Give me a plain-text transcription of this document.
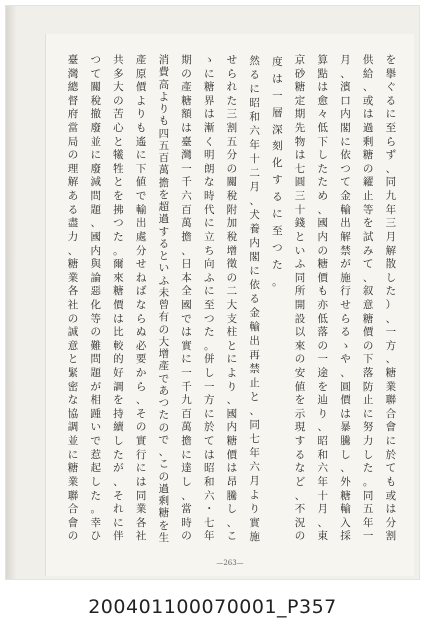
を
擧
ぐ
る
に
至
ら
ず
、
同
九
年
三
月
解
散
し
た
）
、
一
方
、
糖
業
聯
合
會
に
於
て
も
或
は
分
割
供
給
、
或
は
過
剩
糖
の
糴
止
等
を
試
み
て
、
叙
意
糖
價
の
下
落
防
止
に
努
力
し
た
。
同
五
年
一
月
、
濱
口
内
閣
に
依
つ
て
金
輸
出
解
禁
が
施
行
せ
ら
る
ゝ
や
、
圓
價
は
暴
騰
し
、
外
糖
輸
入
採
算
點
は
愈
々
低
下
し
た
た
め
、
國
内
の
糖
價
も
亦
低
落
の
一
途
を
辿
り
、
昭
和
六
年
十
月
、
東
京
砂
糖
定
期
先
物
は
七
圓
三
十
錢
と
い
ふ
同
所
開
設
以
來
の
安
値
を
示
現
す
る
な
ど
、
不
況
の
度
は
一
層
深
刻
化
す
る
に
至
つ
た
。
然
る
に
昭
和
六
年
十
二
月
、
犬
養
内
閣
に
依
る
金
輸
出
再
禁
止
と
、
同
七
年
六
月
よ
り
實
施
せ
ら
れ
た
三
割
五
分
の
關
稅
附
加
稅
增
徵
の
二
大
支
柱
と
に
よ
り
、
國
内
糖
價
は
昂
騰
し
、
こ
ゝ
に
糖
界
は
漸
く
明
朗
な
時
代
に
立
ち
向
ふ
に
至
つ
た
。
併
し
一
方
に
於
て
は
昭
和
六
・
七
年
期
の
產
糖
額
は
臺
灣
一
千
六
百
萬
擔
、
日
本
全
國
で
は
實
に
一
千
九
百
萬
擔
に
達
し
、
當
時
の
消
費
高
よ
り
も
四
五
百
萬
擔
を
超
過
す
る
と
い
ふ
未
曾
有
の
大
增
產
で
あ
つ
た
の
で
、
こ
の
過
剩
糖
を
生
產
原
價
よ
り
も
遙
に
下
値
で
輸
出
處
分
せ
ね
ば
な
ら
ぬ
必
要
か
ら
、
そ
の
實
行
に
は
同
業
各
社
共
多
大
の
苦
心
と
犧
牲
と
を
拂
つ
た
。
爾
來
糖
價
は
比
較
的
好
調
を
持
續
し
た
が
、
そ
れ
に
伴
つ
て
關
稅
撤
廢
並
に
廢
減
問
題
、
國
内
與
論
惡
化
等
の
難
問
題
が
相
踵
い
で
惹
起
し
た
。
幸
ひ
臺
灣
總
督
府
當
局
の
理
解
あ
る
盡
力
、
糖
業
各
社
の
誠
意
と
緊
密
な
協
調
並
に
糖
業
聯
合
會
の
—263—
200401100070001_P357
